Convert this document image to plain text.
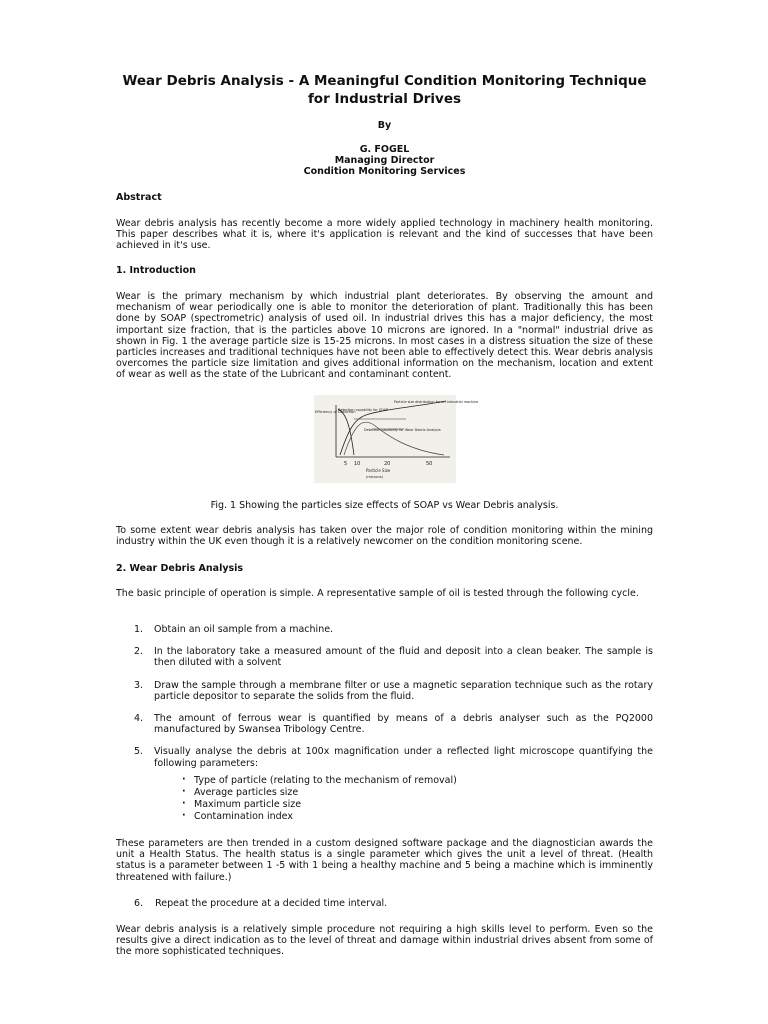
Wear Debris Analysis - A Meaningful Condition Monitoring Technique for Industrial Drives
By
G. FOGEL
Managing Director
Condition Monitoring Services
Abstract
Wear debris analysis has recently become a more widely applied technology in machinery health monitoring. This paper describes what it is, where it's application is relevant and the kind of successes that have been achieved in it's use.
1. Introduction
Wear is the primary mechanism by which industrial plant deteriorates. By observing the amount and mechanism of wear periodically one is able to monitor the deterioration of plant. Traditionally this has been done by SOAP (spectrometric) analysis of used oil. In industrial drives this has a major deficiency, the most important size fraction, that is the particles above 10 microns are ignored. In a "normal" industrial drive as shown in Fig. 1 the average particle size is 15-25 microns. In most cases in a distress situation the size of these particles increases and traditional techniques have not been able to effectively detect this. Wear debris analysis overcomes the particle size limitation and gives additional information on the mechanism, location and extent of wear as well as the state of the Lubricant and contaminant content.
Efficiency of Detection
Particle size distribution for an industrial machine
Detection capability for Wear Debris Analysis
Detection capability for SOAP
5 10	20	50
Particle Size
(microns)
Fig. 1 Showing the particles size effects of SOAP vs Wear Debris analysis.
To some extent wear debris analysis has taken over the major role of condition monitoring within the mining industry within the UK even though it is a relatively newcomer on the condition monitoring scene.
2. Wear Debris Analysis
The basic principle of operation is simple. A representative sample of oil is tested through the following cycle.
1. Obtain an oil sample from a machine.
2. In the laboratory take a measured amount of the fluid and deposit into a clean beaker. The sample is then diluted with a solvent
3. Draw the sample through a membrane filter or use a magnetic separation technique such as the rotary particle depositor to separate the solids from the fluid.
4. The amount of ferrous wear is quantified by means of a debris analyser such as the PQ2000 manufactured by Swansea Tribology Centre.
5. Visually analyse the debris at 100x magnification under a reflected light microscope quantifying the following parameters:
· Type of particle (relating to the mechanism of removal)
· Average particles size
· Maximum particle size
· Contamination index
These parameters are then trended in a custom designed software package and the diagnostician awards the unit a Health Status. The health status is a single parameter which gives the unit a level of threat. (Health status is a parameter between 1 -5 with 1 being a healthy machine and 5 being a machine which is imminently threatened with failure.)
6. Repeat the procedure at a decided time interval.
Wear debris analysis is a relatively simple procedure not requiring a high skills level to perform. Even so the results give a direct indication as to the level of threat and damage within industrial drives absent from some of the more sophisticated techniques.
